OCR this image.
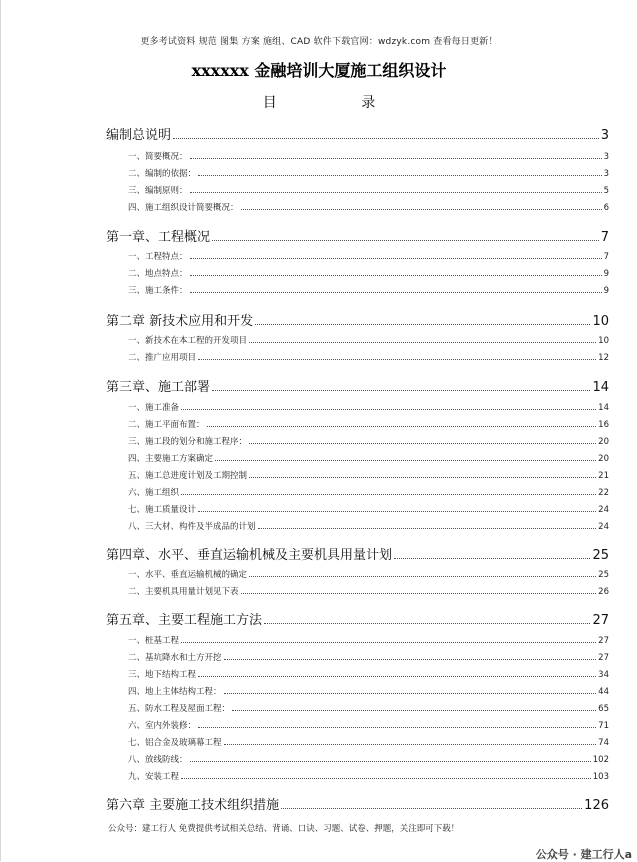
更多考试资料 规范 图集 方案 施组、CAD 软件下载官网：wdzyk.com 查看每日更新！
xxxxxx 金融培训大厦施工组织设计
目 录
编制总说明	3
一、简要概况：	3
二、编制的依据：	3
三、编制原则：	5
四、施工组织设计简要概况：	6
第一章、工程概况	7
一、工程特点：	7
二、地点特点：	9
三、施工条件：	9
第二章 新技术应用和开发	10
一、新技术在本工程的开发项目	10
二、推广应用项目	12
第三章、施工部署	14
一、施工准备	14
二、施工平面布置：	16
三、施工段的划分和施工程序：	20
四、主要施工方案确定	20
五、施工总进度计划及工期控制	21
六、施工组织	22
七、施工质量设计	24
八、三大材、构件及半成品的计划	24
第四章、水平、垂直运输机械及主要机具用量计划	25
一、水平、垂直运输机械的确定	25
二、主要机具用量计划见下表	26
第五章、主要工程施工方法	27
一、桩基工程	27
二、基坑降水和土方开挖	27
三、地下结构工程	34
四、地上主体结构工程：	44
五、防水工程及屋面工程：	65
六、室内外装修：	71
七、铝合金及玻璃幕工程	74
八、放线防线：	102
九、安装工程	103
第六章 主要施工技术组织措施	126
公众号：建工行人 免费提供考试相关总结、背诵、口诀、习题、试卷、押题，关注即可下载！
公众号 · 建工行人a
